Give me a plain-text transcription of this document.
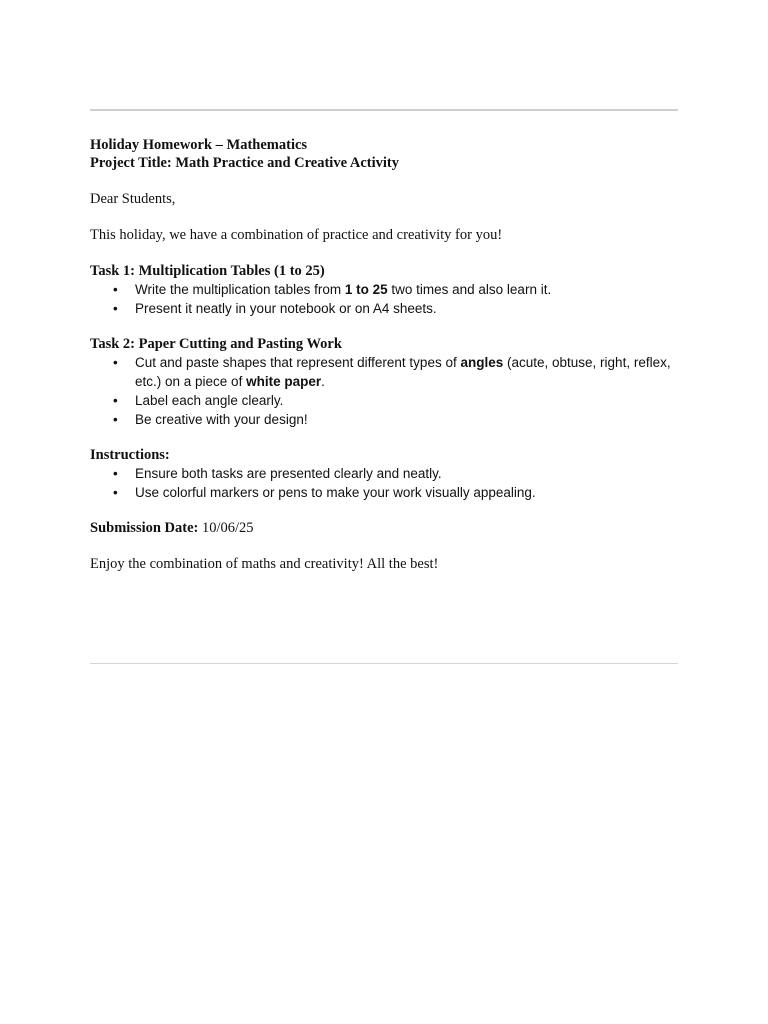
Holiday Homework – Mathematics

Project Title: Math Practice and Creative Activity

Dear Students,

This holiday, we have a combination of practice and creativity for you!

Task 1: Multiplication Tables (1 to 25)

• Write the multiplication tables from 1 to 25 two times and also learn it.
• Present it neatly in your notebook or on A4 sheets.

Task 2: Paper Cutting and Pasting Work

• Cut and paste shapes that represent different types of angles (acute, obtuse, right, reflex, etc.) on a piece of white paper.
• Label each angle clearly.
• Be creative with your design!

Instructions:

• Ensure both tasks are presented clearly and neatly.
• Use colorful markers or pens to make your work visually appealing.

Submission Date: 10/06/25

Enjoy the combination of maths and creativity! All the best!
